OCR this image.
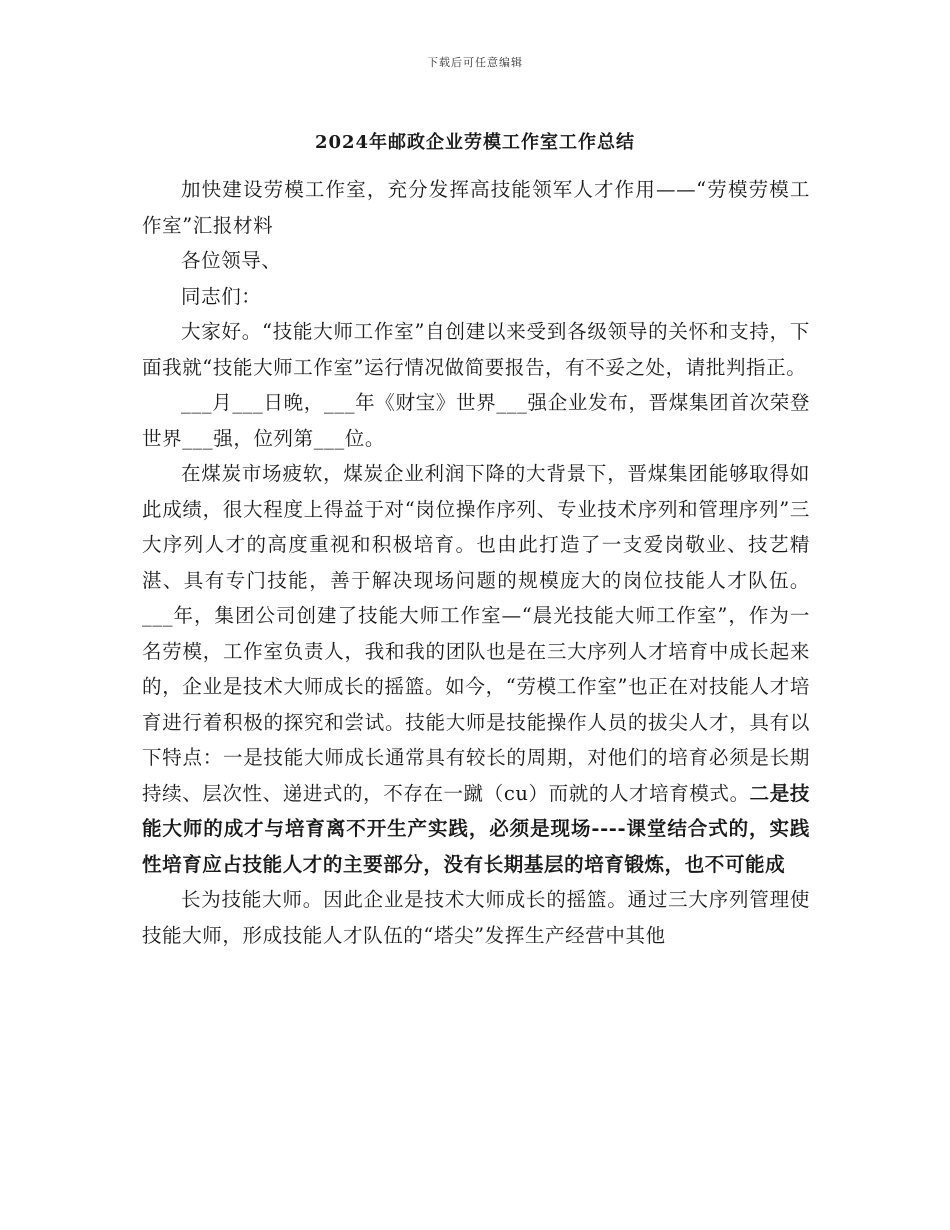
下载后可任意编辑
2024年邮政企业劳模工作室工作总结

加快建设劳模工作室，充分发挥高技能领军人才作用——“劳模劳模工作室”汇报材料

各位领导、

同志们：

大家好。“技能大师工作室”自创建以来受到各级领导的关怀和支持，下面我就“技能大师工作室”运行情况做简要报告，有不妥之处，请批判指正。

___月___日晚，___年《财宝》世界___强企业发布，晋煤集团首次荣登世界___强，位列第___位。

在煤炭市场疲软，煤炭企业利润下降的大背景下，晋煤集团能够取得如此成绩，很大程度上得益于对“岗位操作序列、专业技术序列和管理序列”三大序列人才的高度重视和积极培育。也由此打造了一支爱岗敬业、技艺精湛、具有专门技能，善于解决现场问题的规模庞大的岗位技能人才队伍。___年，集团公司创建了技能大师工作室—“晨光技能大师工作室”，作为一名劳模，工作室负责人，我和我的团队也是在三大序列人才培育中成长起来的，企业是技术大师成长的摇篮。如今，“劳模工作室”也正在对技能人才培育进行着积极的探究和尝试。技能大师是技能操作人员的拔尖人才，具有以下特点：一是技能大师成长通常具有较长的周期，对他们的培育必须是长期持续、层次性、递进式的，不存在一蹴（cu）而就的人才培育模式。二是技能大师的成才与培育离不开生产实践，必须是现场----课堂结合式的，实践性培育应占技能人才的主要部分，没有长期基层的培育锻炼，也不可能成

长为技能大师。因此企业是技术大师成长的摇篮。通过三大序列管理使技能大师，形成技能人才队伍的“塔尖”发挥生产经营中其他
